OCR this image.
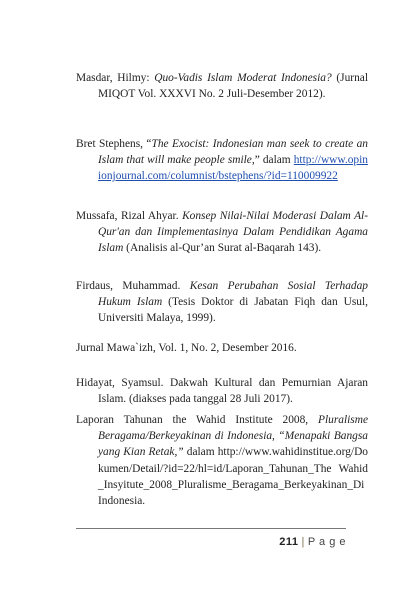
Masdar, Hilmy: Quo-Vadis Islam Moderat Indonesia? (Jurnal MIQOT Vol. XXXVI No. 2 Juli-Desember 2012).
Bret Stephens, “The Exocist: Indonesian man seek to create an Islam that will make people smile,” dalam http://www.opinionjournal.com/columnist/bstephens/?id=110009922
Mussafa, Rizal Ahyar. Konsep Nilai-Nilai Moderasi Dalam Al-Qur'an dan Iimplementasinya Dalam Pendidikan Agama Islam (Analisis al-Qur’an Surat al-Baqarah 143).
Firdaus, Muhammad. Kesan Perubahan Sosial Terhadap Hukum Islam (Tesis Doktor di Jabatan Fiqh dan Usul, Universiti Malaya, 1999).
Jurnal Mawa`izh, Vol. 1, No. 2, Desember 2016.
Hidayat, Syamsul. Dakwah Kultural dan Pemurnian Ajaran Islam. (diakses pada tanggal 28 Juli 2017).
Laporan Tahunan the Wahid Institute 2008, Pluralisme Beragama/Berkeyakinan di Indonesia, “Menapaki Bangsa yang Kian Retak,” dalam http://www.wahidinstitue.org/Dokumen/Detail/?id=22/hl=id/Laporan_Tahunan_The Wahid_Insyitute_2008_Pluralisme_Beragama_Berkeyakinan_Di Indonesia.
211 | P a g e
